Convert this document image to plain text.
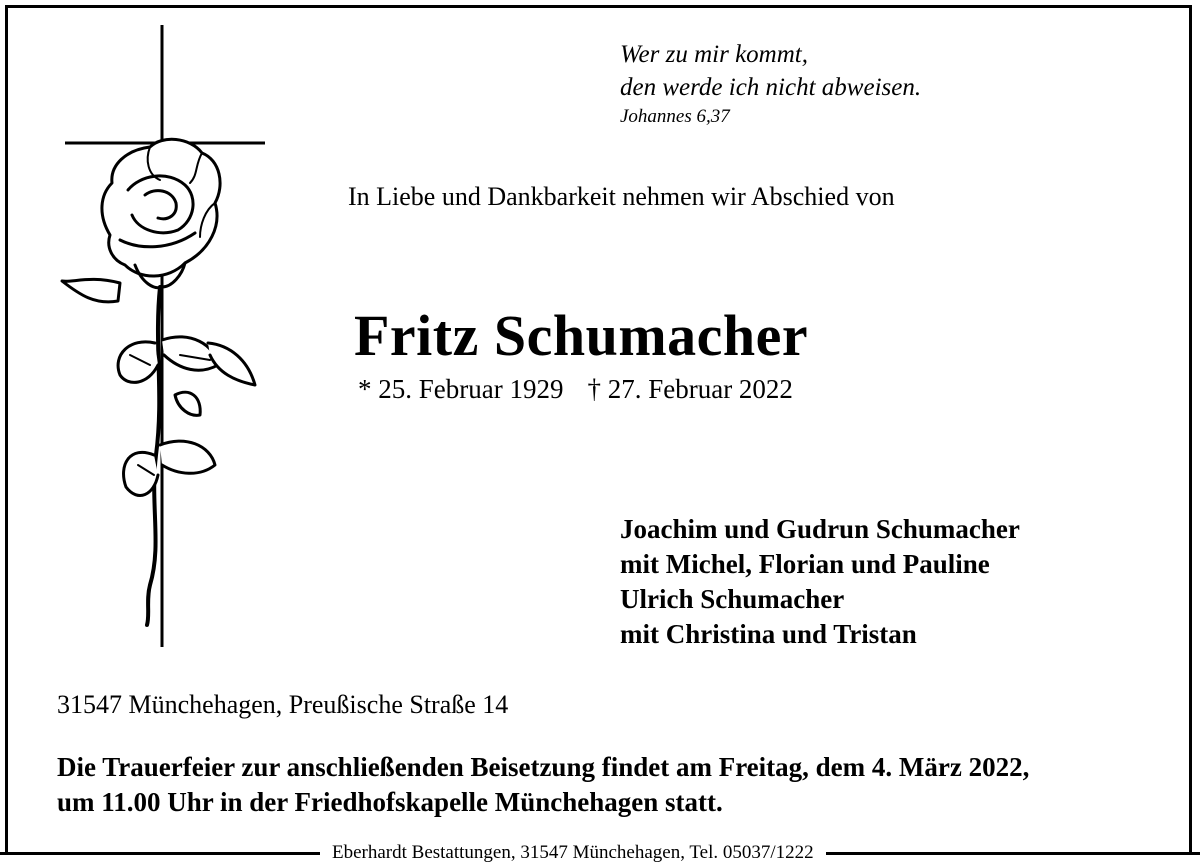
Wer zu mir kommt,
den werde ich nicht abweisen.
Johannes 6,37
In Liebe und Dankbarkeit nehmen wir Abschied von
Fritz Schumacher
* 25. Februar 1929 † 27. Februar 2022
Joachim und Gudrun Schumacher
mit Michel, Florian und Pauline
Ulrich Schumacher
mit Christina und Tristan
31547 Münchehagen, Preußische Straße 14
Die Trauerfeier zur anschließenden Beisetzung findet am Freitag, dem 4. März 2022,
um 11.00 Uhr in der Friedhofskapelle Münchehagen statt.
Eberhardt Bestattungen, 31547 Münchehagen, Tel. 05037/1222
